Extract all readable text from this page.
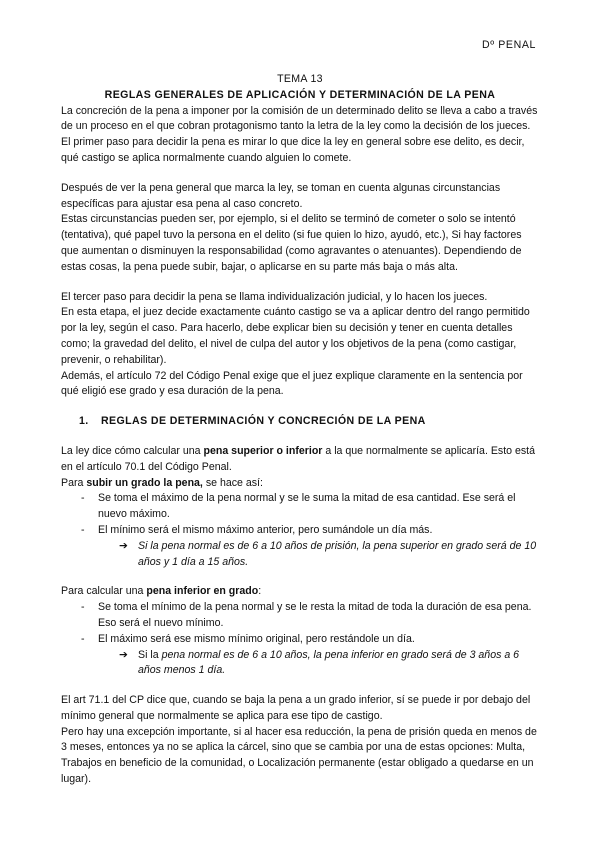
Dº PENAL
TEMA 13
REGLAS GENERALES DE APLICACIÓN Y DETERMINACIÓN DE LA PENA

La concreción de la pena a imponer por la comisión de un determinado delito se lleva a cabo a través de un proceso en el que cobran protagonismo tanto la letra de la ley como la decisión de los jueces.

El primer paso para decidir la pena es mirar lo que dice la ley en general sobre ese delito, es decir, qué castigo se aplica normalmente cuando alguien lo comete.

Después de ver la pena general que marca la ley, se toman en cuenta algunas circunstancias específicas para ajustar esa pena al caso concreto.

Estas circunstancias pueden ser, por ejemplo, si el delito se terminó de cometer o solo se intentó (tentativa), qué papel tuvo la persona en el delito (si fue quien lo hizo, ayudó, etc.), Si hay factores que aumentan o disminuyen la responsabilidad (como agravantes o atenuantes). Dependiendo de estas cosas, la pena puede subir, bajar, o aplicarse en su parte más baja o más alta.

El tercer paso para decidir la pena se llama individualización judicial, y lo hacen los jueces.

En esta etapa, el juez decide exactamente cuánto castigo se va a aplicar dentro del rango permitido por la ley, según el caso. Para hacerlo, debe explicar bien su decisión y tener en cuenta detalles como; la gravedad del delito, el nivel de culpa del autor y los objetivos de la pena (como castigar, prevenir, o rehabilitar).

Además, el artículo 72 del Código Penal exige que el juez explique claramente en la sentencia por qué eligió ese grado y esa duración de la pena.

1. REGLAS DE DETERMINACIÓN Y CONCRECIÓN DE LA PENA

La ley dice cómo calcular una pena superior o inferior a la que normalmente se aplicaría. Esto está en el artículo 70.1 del Código Penal.

Para subir un grado la pena, se hace así:

- Se toma el máximo de la pena normal y se le suma la mitad de esa cantidad. Ese será el nuevo máximo.
- El mínimo será el mismo máximo anterior, pero sumándole un día más.
➔ Si la pena normal es de 6 a 10 años de prisión, la pena superior en grado será de 10 años y 1 día a 15 años.

Para calcular una pena inferior en grado:

- Se toma el mínimo de la pena normal y se le resta la mitad de toda la duración de esa pena. Eso será el nuevo mínimo.
- El máximo será ese mismo mínimo original, pero restándole un día.
➔ Si la pena normal es de 6 a 10 años, la pena inferior en grado será de 3 años a 6 años menos 1 día.

El art 71.1 del CP dice que, cuando se baja la pena a un grado inferior, sí se puede ir por debajo del mínimo general que normalmente se aplica para ese tipo de castigo.

Pero hay una excepción importante, si al hacer esa reducción, la pena de prisión queda en menos de 3 meses, entonces ya no se aplica la cárcel, sino que se cambia por una de estas opciones: Multa, Trabajos en beneficio de la comunidad, o Localización permanente (estar obligado a quedarse en un lugar).
